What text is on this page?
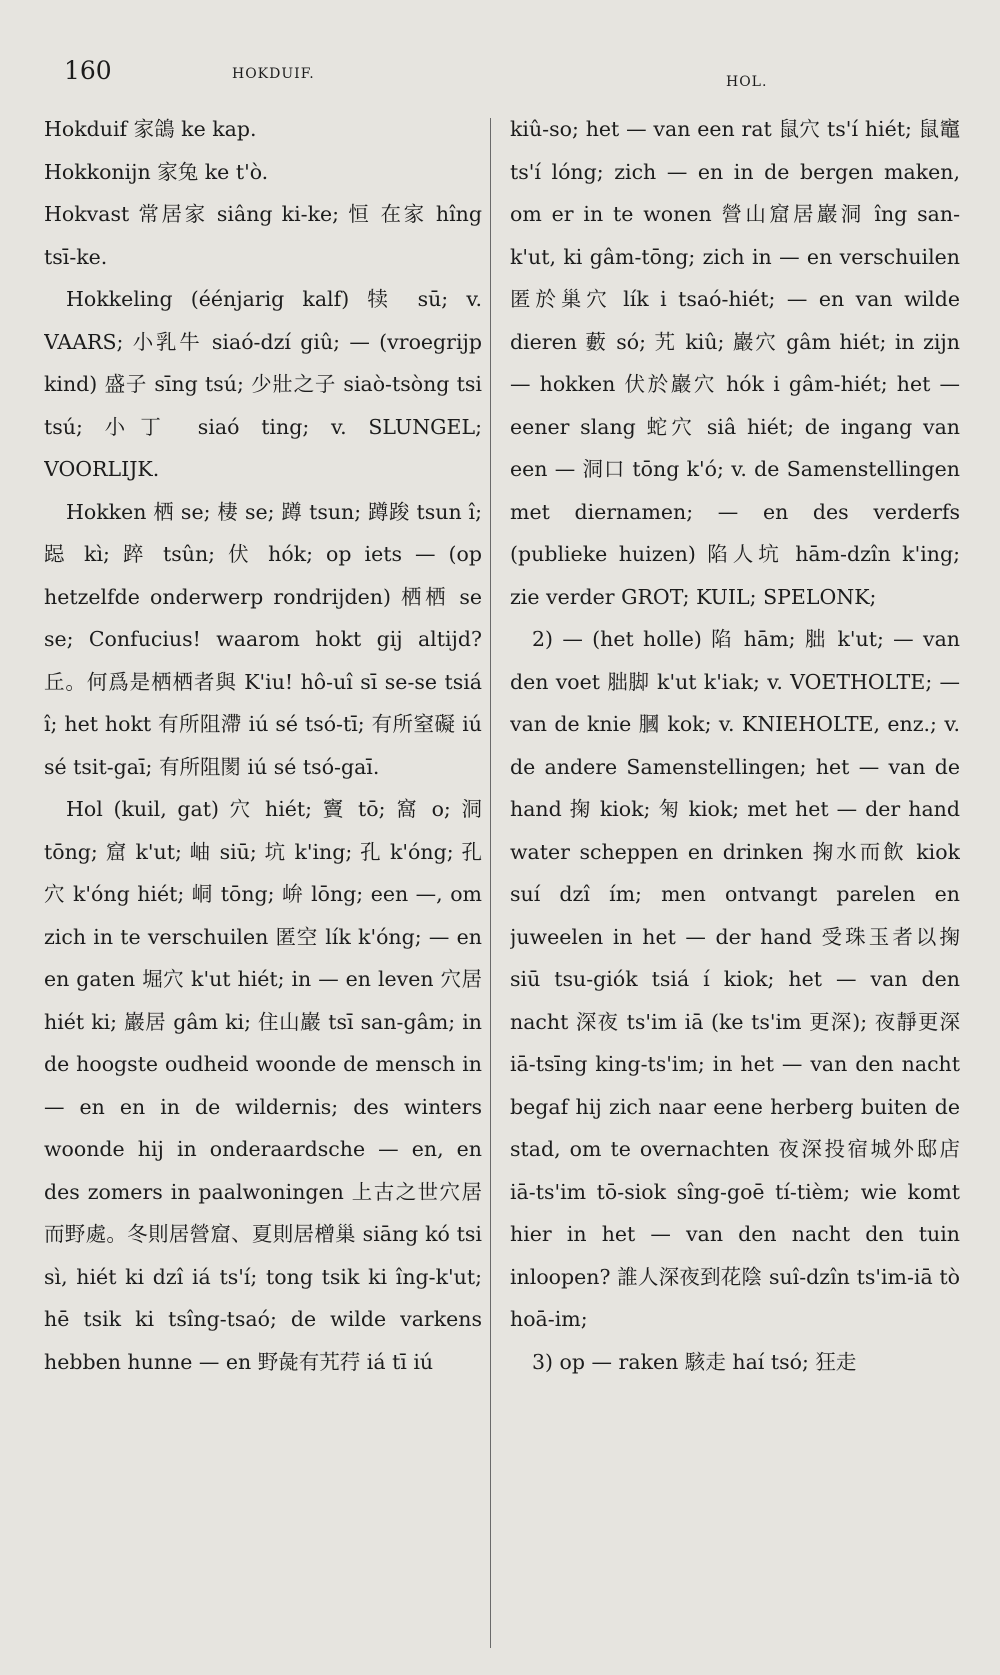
160	HOKDUIF.	HOL.

Hokduif 家鴿 ke kap.

Hokkonijn 家兔 ke t'ò.

Hokvast 常居家 siâng ki-ke; 恒 在家 hîng tsī-ke.

Hokkeling (éénjarig kalf) 犊 sū; v. VAARS; 小乳牛 siaó-dzí giû; — (vroegrijp kind) 盛子 sīng tsú; 少壯之子 siaò-tsòng tsi tsú; 小丁 siaó ting; v. SLUNGEL; VOORLIJK.

Hokken 栖 se; 棲 se; 蹲 tsun; 蹲踆 tsun î; 跽 kì; 踤 tsûn; 伏 hók; op iets — (op hetzelfde onderwerp rondrijden) 栖栖 se se; Confucius! waarom hokt gij altijd? 丘。何爲是栖栖者與 K'iu! hô-uî sī se-se tsiá î; het hokt 有所阻滯 iú sé tsó-tī; 有所窒礙 iú sé tsit-gaī; 有所阻閡 iú sé tsó-gaī.

Hol (kuil, gat) 穴 hiét; 竇 tō; 窩 o; 洞 tōng; 窟 k'ut; 岫 siū; 坑 k'ing; 孔 k'óng; 孔穴 k'óng hiét; 峒 tōng; 峅 lōng; een —, om zich in te verschuilen 匿空 lík k'óng; — en en gaten 堀穴 k'ut hiét; in — en leven 穴居 hiét ki; 巖居 gâm ki; 住山巖 tsī san-gâm; in de hoogste oudheid woonde de mensch in — en en in de wildernis; des winters woonde hij in onderaardsche — en, en des zomers in paalwoningen 上古之世穴居而野處。冬則居營窟、夏則居橧巢 siāng kó tsi sì, hiét ki dzî iá ts'í; tong tsik ki îng-k'ut; hē tsik ki tsîng-tsaó; de wilde varkens hebben hunne — en 野彘有艽荇 iá tī iú

kiû-so; het — van een rat 鼠穴 ts'í hiét; 鼠竈 ts'í lóng; zich — en in de bergen maken, om er in te wonen 營山窟居巖洞 îng san-k'ut, ki gâm-tōng; zich in — en verschuilen 匿於巢穴 lík i tsaó-hiét; — en van wilde dieren 藪 só; 艽 kiû; 巖穴 gâm hiét; in zijn — hokken 伏於巖穴 hók i gâm-hiét; het — eener slang 蛇穴 siâ hiét; de ingang van een — 洞口 tōng k'ó; v. de Samenstellingen met diernamen; — en des verderfs (publieke huizen) 陷人坑 hām-dzîn k'ing; zie verder GROT; KUIL; SPELONK;

2) — (het holle) 陷 hām; 胐 k'ut; — van den voet 胐脚 k'ut k'iak; v. VOETHOLTE; — van de knie 膕 kok; v. KNIEHOLTE, enz.; v. de andere Samenstellingen; het — van de hand 掬 kiok; 匊 kiok; met het — der hand water scheppen en drinken 掬水而飲 kiok suí dzî ím; men ontvangt parelen en juweelen in het — der hand 受珠玉者以掬 siū tsu-giók tsiá í kiok; het — van den nacht 深夜 ts'im iā (ke ts'im 更深); 夜靜更深 iā-tsīng king-ts'im; in het — van den nacht begaf hij zich naar eene herberg buiten de stad, om te overnachten 夜深投宿城外邸店 iā-ts'im tō-siok sîng-goē tí-tièm; wie komt hier in het — van den nacht den tuin inloopen? 誰人深夜到花陰 suî-dzîn ts'im-iā tò hoā-im;

3) op — raken 駭走 haí tsó; 狂走
